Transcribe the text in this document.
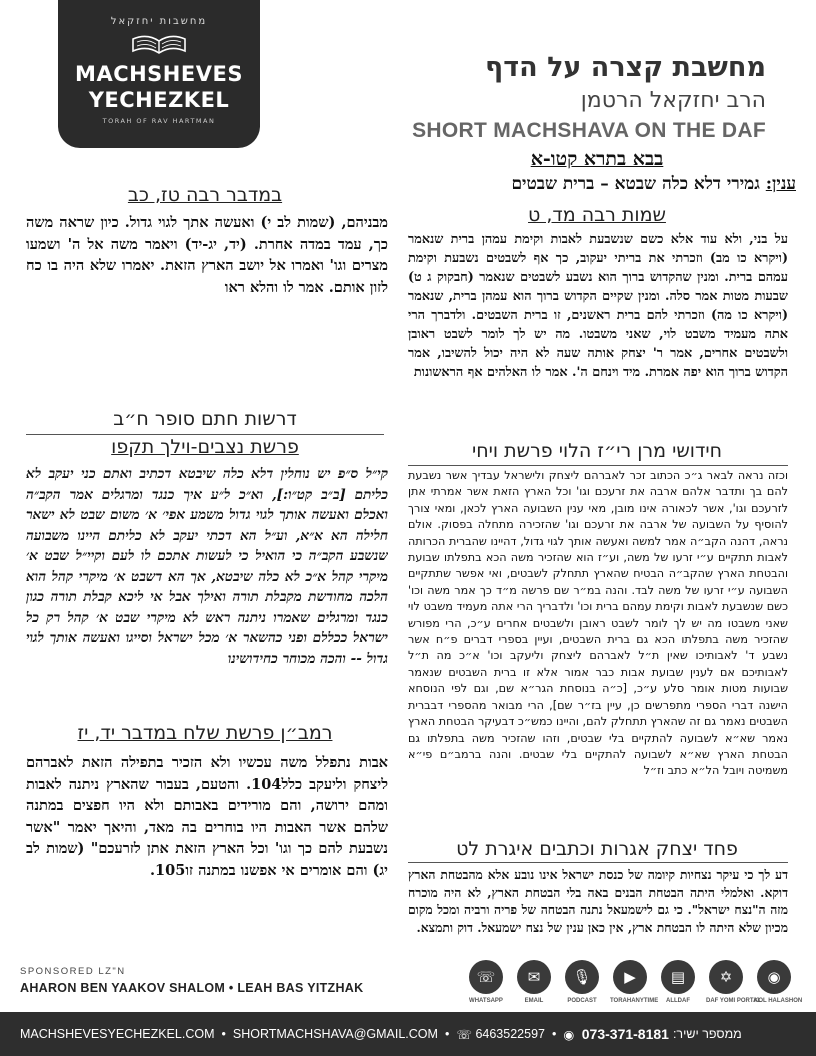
מחשבות יחזקאל
MACHSHEVES
YECHEZKEL
TORAH OF RAV HARTMAN
מחשבת קצרה על הדף
הרב יחזקאל הרטמן
SHORT MACHSHAVA ON THE DAF
בבא בתרא קטו-א
ענין: גמירי דלא כלה שבטא – ברית שבטים
שמות רבה מד, ט
על בני, ולא עוד אלא כשם שנשבעת לאבות וקימת עמהן ברית שנאמר (ויקרא כו מב) וזכרתי את בריתי יעקוב, כך אף לשבטים נשבעת וקימת עמהם ברית. ומנין שהקדוש ברוך הוא נשבע לשבטים שנאמר (חבקוק ג ט) שבעות מטות אמר סלה. ומנין שקיים הקדוש ברוך הוא עמהן ברית, שנאמר (ויקרא כו מה) וזכרתי להם ברית ראשנים, זו ברית השבטים. ולדברך הרי אתה מעמיד משבט לוי, שאני משבטו. מה יש לך לומר לשבט ראובן ולשבטים אחרים, אמר ר' יצחק אותה שעה לא היה יכול להשיבו, אמר הקדוש ברוך הוא יפה אמרת. מיד וינחם ה'. אמר לו האלהים אף הראשונות
במדבר רבה טז, כב
מבניהם, (שמות לב י) ואעשה אתך לגוי גדול. כיון שראה משה כך, עמד במדה אחרת. (יד, יג-יד) ויאמר משה אל ה' ושמעו מצרים וגו' ואמרו אל יושב הארץ הזאת. יאמרו שלא היה בו כח לזון אותם. אמר לו והלא ראו
דרשות חתם סופר ח״ב
פרשת נצבים-וילך תקפו
קי״ל ס״פ יש נוחלין דלא כלה שיבטא דכתיב ואתם כני יעקב לא כליתם [ב״ב קט״ו:], וא״כ ל״ע איך כנגד ומרגלים אמר הקב״ה ואכלם ואעשה אותך לגוי גדול משמע אפי׳ א׳ משום שבט לא ישאר חלילה הא א״א, וע״ל הא דכתי יעקב לא כליתם היינו משבועה שנשבע הקב״ה כי הואיל כי לעשות אתכם לו לעם וקיי״ל שבט א׳ מיקרי קהל א״כ לא כלה שיבטא, אך הא דשבט א׳ מיקרי קהל הוא הלכה מחודשת מקבלת תורה ואילך אבל אי ליכא קבלת תורה כגון כנגד ומרגלים שאמרו ניתנה ראש לא מיקרי שבט א׳ קהל רק כל ישראל ככללם ופני כהשאר א׳ מכל ישראל וסייגו ואעשה אותך לגוי גדול -- והכה מכוחר כחידושינו
רמב״ן פרשת שלח במדבר יד, יז
אבות נתפלל משה עכשיו ולא הזכיר בתפילה הזאת לאברהם ליצחק וליעקב כלל104. והטעם, בעבור שהארץ ניתנה לאבות ומהם ירושה, והם מורידים באבותם ולא היו חפצים במתנה שלהם אשר האבות היו בוחרים בה מאד, והיאך יאמר "אשר נשבעת להם כך וגו' וכל הארץ הזאת אתן לזרעכם" (שמות לב יג) והם אומרים אי אפשנו במתנה זו105.
חידושי מרן רי״ז הלוי פרשת ויחי
וכזה נראה לבאר ג״כ הכתוב זכר לאברהם ליצחק ולישראל עבדיך אשר נשבעת להם בך ותדבר אלהם ארבה את זרעכם וגו' וכל הארץ הזאת אשר אמרתי אתן לזרעכם וגו', אשר לכאורה אינו מובן, מאי ענין השבועה הארץ לכאן, ומאי צורך להוסיף על השבועה של ארבה את זרעכם וגו' שהזכירה מתחלה בפסוק. אולם נראה, דהנה הקב״ה אמר למשה ואעשה אותך לגוי גדול, דהיינו שהברית הכרותה לאבות תתקיים ע״י זרעו של משה, וע״ז הוא שהזכיר משה הכא בתפלתו שבועת והבטחת הארץ שהקב״ה הבטיח שהארץ תתחלק לשבטים, ואי אפשר שתתקיים השבועה ע״י זרעו של משה לבד. והנה במ״ר שם פרשה מ״ד כך אמר משה וכו' כשם שנשבעת לאבות וקימת עמהם ברית וכו' ולדבריך הרי אתה מעמיד משבט לוי שאני משבטו מה יש לך לומר לשבט ראובן ולשבטים אחרים ע״כ, הרי מפורש שהזכיר משה בתפלתו הכא גם ברית השבטים, ועיין בספרי דברים פ״ח אשר נשבע ד' לאבותיכו שאין ת״ל לאברהם ליצחק וליעקב וכו' א״כ מה ת״ל לאבותיכם אם לענין שבועת אבות כבר אמור אלא זו ברית השבטים שנאמר שבועות מטות אומר סלע ע״כ, [כ״ה בנוסחת הגר״א שם, וגם לפי הנוסחא הישנה דברי הספרי מתפרשים כן, עיין בז״ר שם], הרי מבואר מהספרי דבברית השבטים נאמר גם זה שהארץ תתחלק להם, והיינו כמש״כ דבעיקר הבטחת הארץ נאמר שא״א לשבועה להתקיים בלי שבטים, וזהו שהזכיר משה בתפלתו גם הבטחת הארץ שא״א לשבועה להתקיים בלי שבטים. והנה ברמב״ם פי״א משמיטה ויובל הל״א כתב וז״ל
פחד יצחק אגרות וכתבים איגרת לט
דע לך כי עיקר נצחיות קיומה של כנסת ישראל אינו נובע אלא מהבטחת הארץ דוקא. ואלמלי היתה הבטחת הבנים באה בלי הבטחת הארץ, לא היה מוכרח מזה ה"נצח ישראל". כי גם לישמעאל נתנה הבטחה של פריה ורביה ומכל מקום מכיון שלא היתה לו הבטחת ארץ, אין כאן ענין של נצח ישמעאל. דוק ותמצא.
SPONSORED LZ"N
AHARON BEN YAAKOV SHALOM • LEAH BAS YITZHAK
☏
WHATSAPP
✉
EMAIL
🎙
PODCAST
▶
TORAHANYTIME
▤
ALLDAF
✡
DAF YOMI PORTAL
◉
KOL HALASHON
MACHSHEVESYECHEZKEL.COM • SHORTMACHSHAVA@GMAIL.COM • ☏ 6463522597 • ◉ 073-371-8181 ממספר ישיר:
